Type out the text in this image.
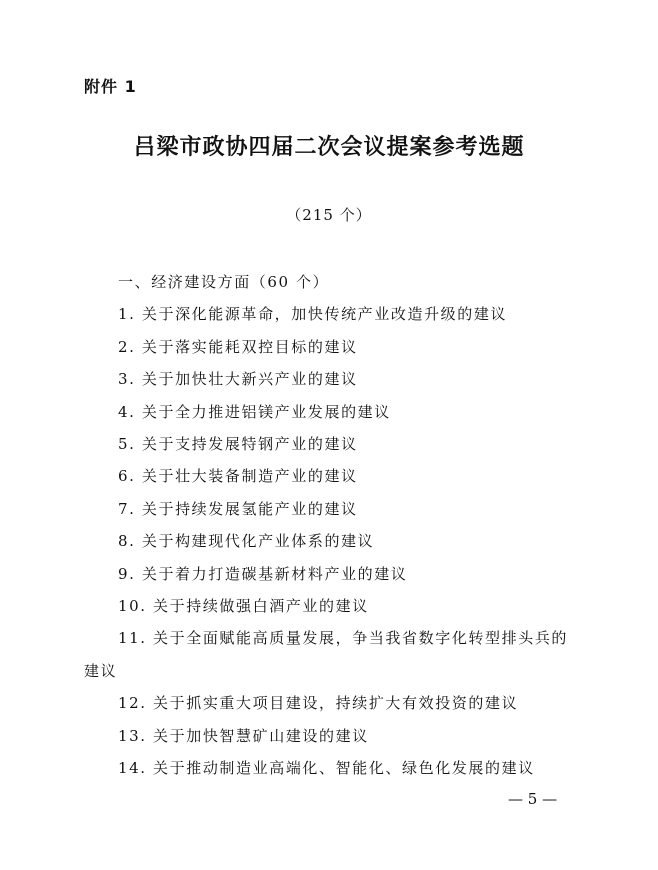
附件 1
吕梁市政协四届二次会议提案参考选题
（215 个）
一、经济建设方面（60 个）
1. 关于深化能源革命，加快传统产业改造升级的建议
2. 关于落实能耗双控目标的建议
3. 关于加快壮大新兴产业的建议
4. 关于全力推进铝镁产业发展的建议
5. 关于支持发展特钢产业的建议
6. 关于壮大装备制造产业的建议
7. 关于持续发展氢能产业的建议
8. 关于构建现代化产业体系的建议
9. 关于着力打造碳基新材料产业的建议
10. 关于持续做强白酒产业的建议
11. 关于全面赋能高质量发展，争当我省数字化转型排头兵的建议
12. 关于抓实重大项目建设，持续扩大有效投资的建议
13. 关于加快智慧矿山建设的建议
14. 关于推动制造业高端化、智能化、绿色化发展的建议
— 5 —
